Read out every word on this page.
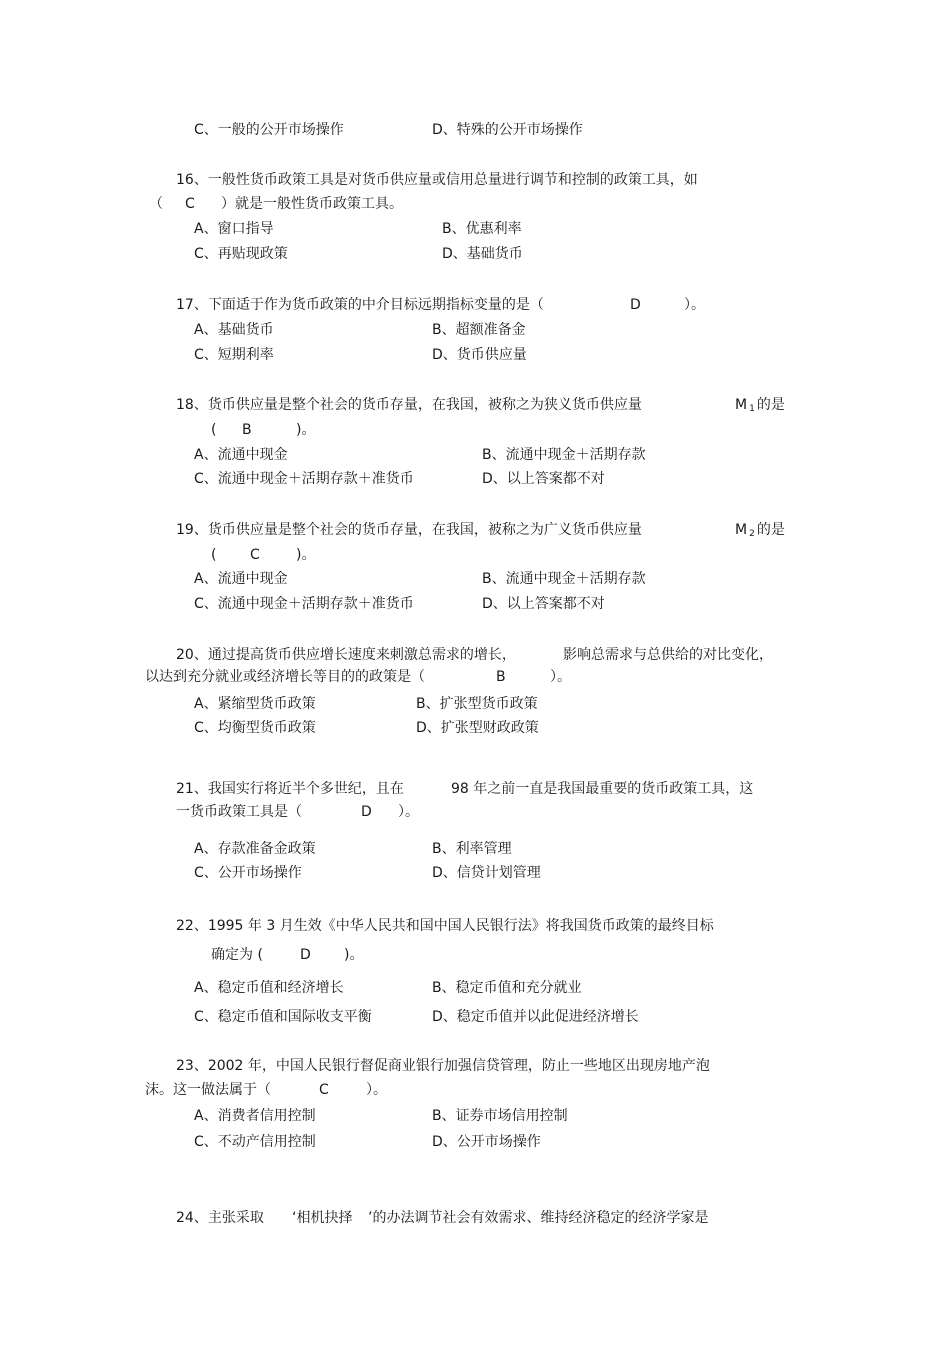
C、一般的公开市场操作	D、特殊的公开市场操作
16、一般性货币政策工具是对货币供应量或信用总量进行调节和控制的政策工具，如
（ C ）就是一般性货币政策工具。
A、窗口指导	B、优惠利率
C、再贴现政策	D、基础货币
17、下面适于作为货币政策的中介目标远期指标变量的是（	D	）。
A、基础货币	B、超额准备金
C、短期利率	D、货币供应量
18、货币供应量是整个社会的货币存量，在我国，被称之为狭义货币供应量	M 1 的是
( B	)。
A、流通中现金	B、流通中现金＋活期存款
C、流通中现金＋活期存款＋准货币	D、以上答案都不对
19、货币供应量是整个社会的货币存量，在我国，被称之为广义货币供应量	M 2 的是
( C	)。
A、流通中现金	B、流通中现金＋活期存款
C、流通中现金＋活期存款＋准货币	D、以上答案都不对
20、通过提高货币供应增长速度来刺激总需求的增长，	影响总需求与总供给的对比变化，
以达到充分就业或经济增长等目的的政策是（	B	）。
A、紧缩型货币政策	B、扩张型货币政策
C、均衡型货币政策	D、扩张型财政政策
21、我国实行将近半个多世纪，且在	98 年之前一直是我国最重要的货币政策工具，这
一货币政策工具是（	D ）。
A、存款准备金政策	B、利率管理
C、公开市场操作	D、信贷计划管理
22、1995 年 3 月生效《中华人民共和国中国人民银行法》将我国货币政策的最终目标
确定为 (	D )。
A、稳定币值和经济增长	B、稳定币值和充分就业
C、稳定币值和国际收支平衡	D、稳定币值并以此促进经济增长
23、2002 年，中国人民银行督促商业银行加强信贷管理，防止一些地区出现房地产泡
沫。这一做法属于（	C	）。
A、消费者信用控制	B、证券市场信用控制
C、不动产信用控制	D、公开市场操作
24、主张采取 ‘相机抉择 ’的办法调节社会有效需求、维持经济稳定的经济学家是
